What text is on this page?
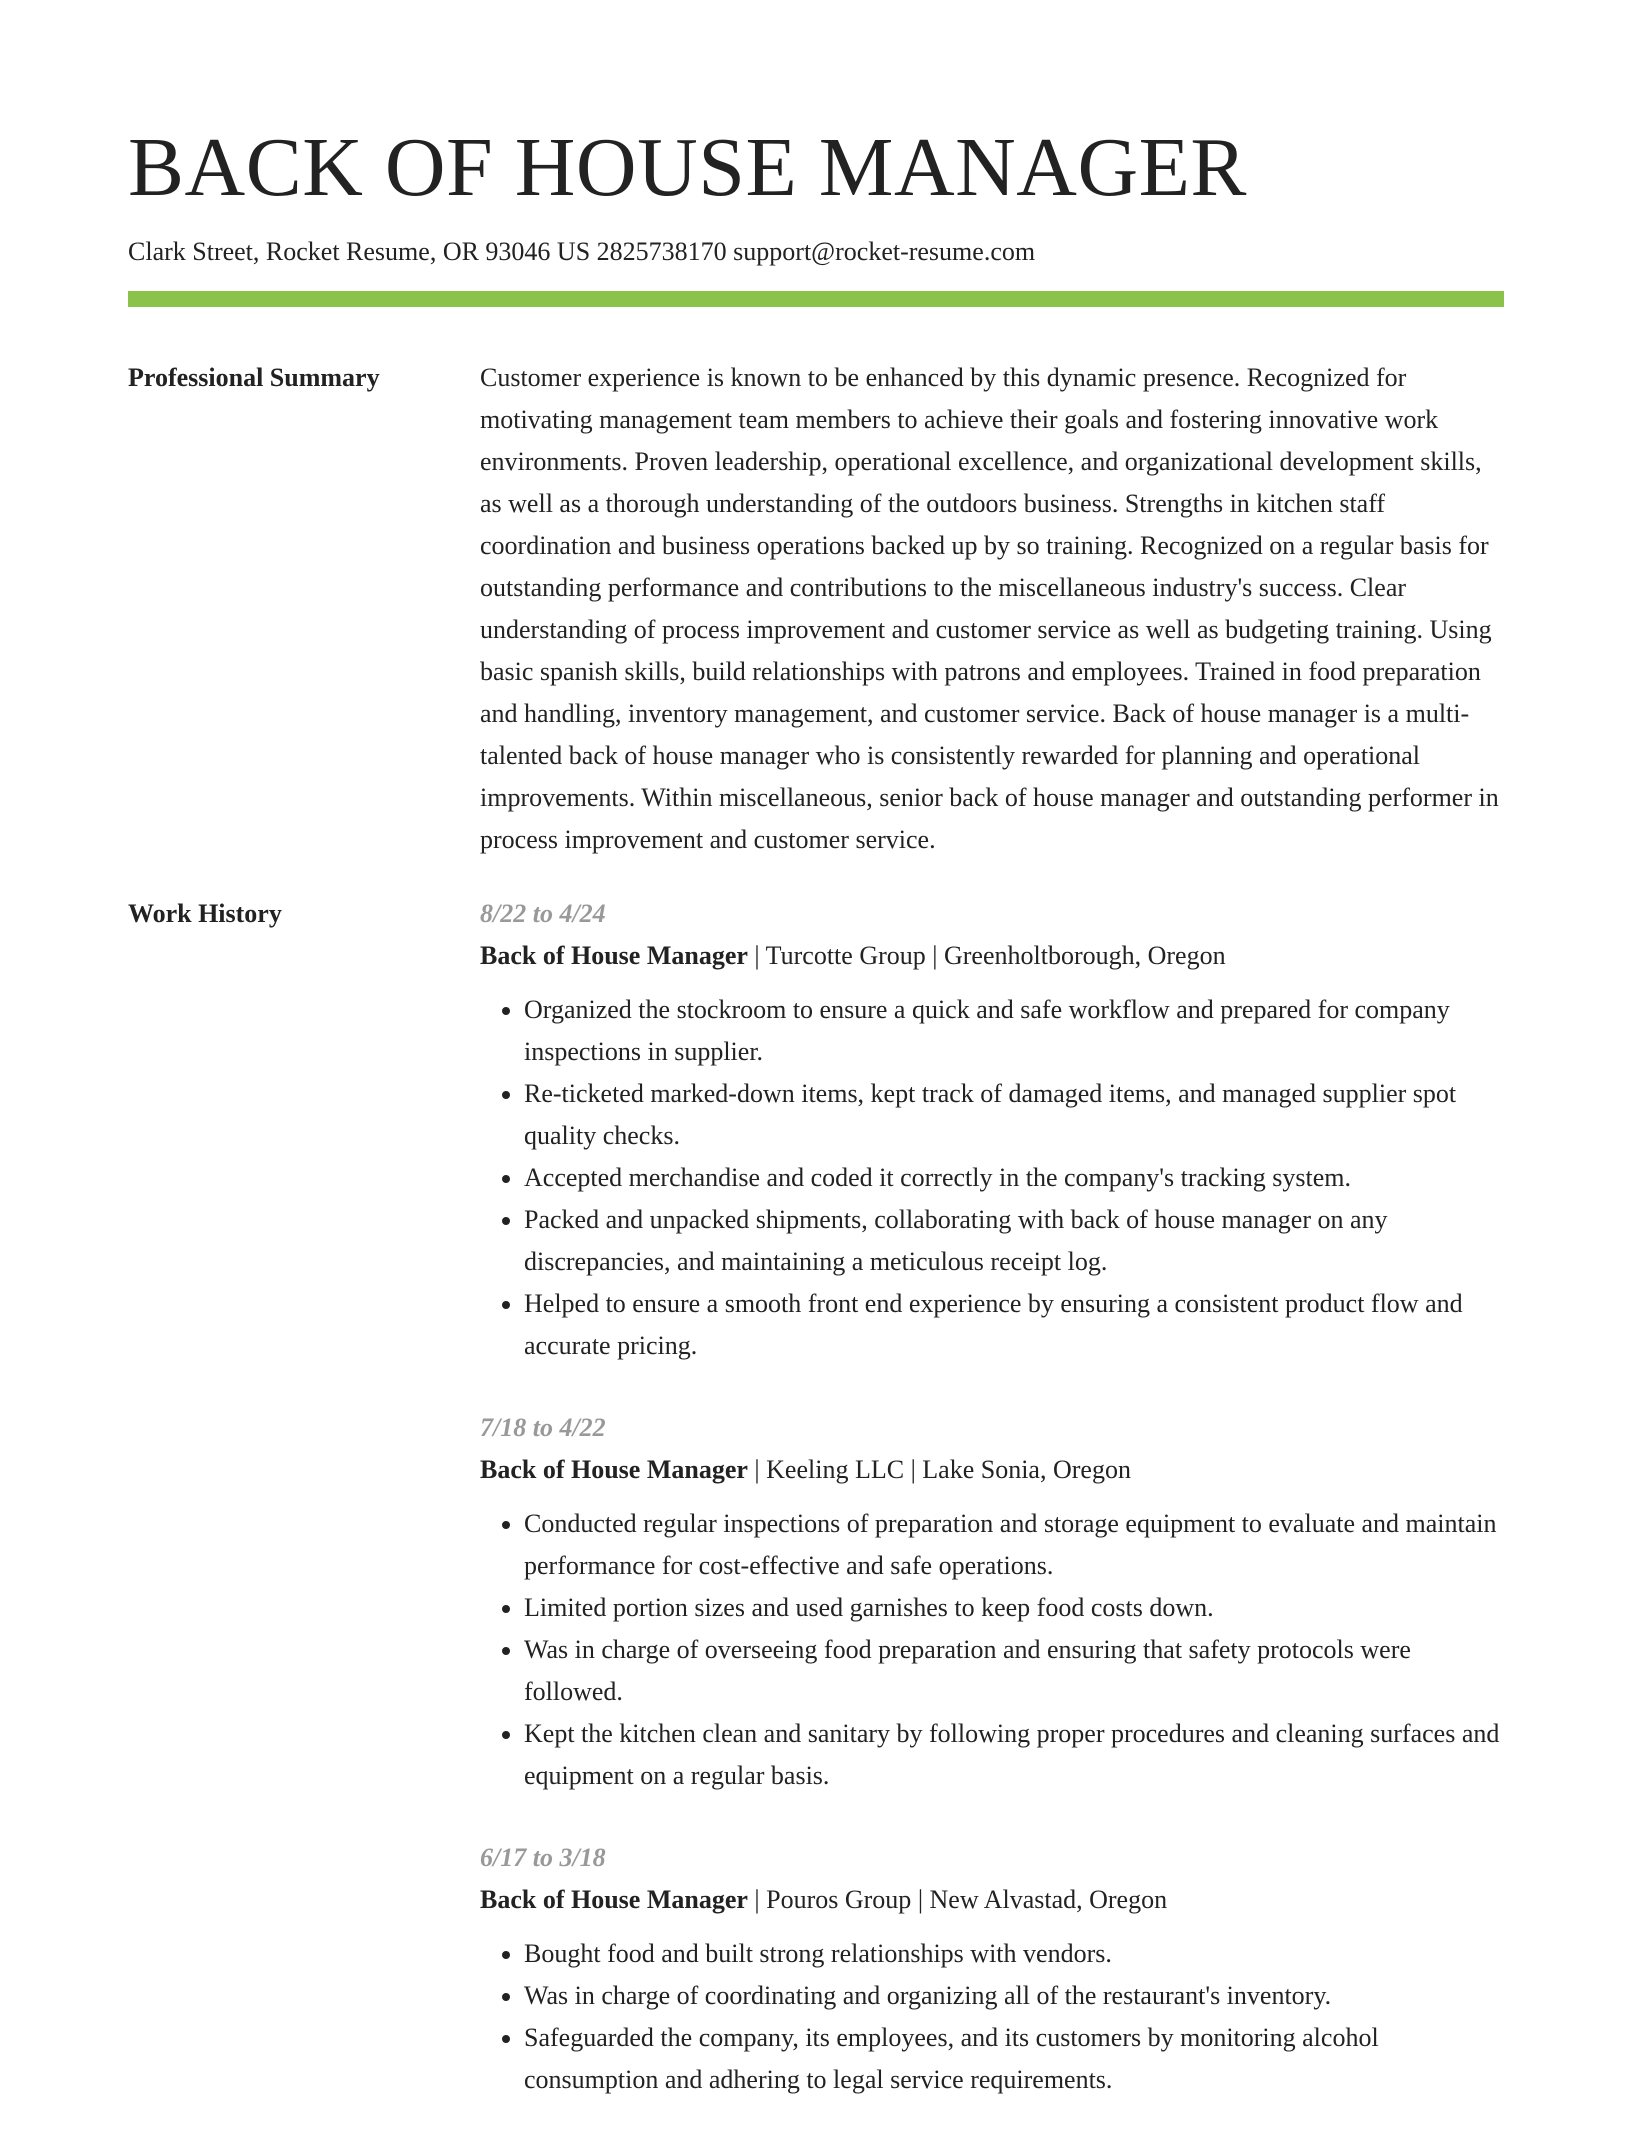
BACK OF HOUSE MANAGER
Clark Street, Rocket Resume, OR 93046 US 2825738170 support@rocket-resume.com
Professional Summary	Customer experience is known to be enhanced by this dynamic presence. Recognized for motivating management team members to achieve their goals and fostering innovative work environments. Proven leadership, operational excellence, and organizational development skills, as well as a thorough understanding of the outdoors business. Strengths in kitchen staff coordination and business operations backed up by so training. Recognized on a regular basis for outstanding performance and contributions to the miscellaneous industry's success. Clear understanding of process improvement and customer service as well as budgeting training. Using basic spanish skills, build relationships with patrons and employees. Trained in food preparation and handling, inventory management, and customer service. Back of house manager is a multi-talented back of house manager who is consistently rewarded for planning and operational improvements. Within miscellaneous, senior back of house manager and outstanding performer in process improvement and customer service.
Work History	8/22 to 4/24
Back of House Manager | Turcotte Group | Greenholtborough, Oregon
• Organized the stockroom to ensure a quick and safe workflow and prepared for company inspections in supplier.
• Re-ticketed marked-down items, kept track of damaged items, and managed supplier spot quality checks.
• Accepted merchandise and coded it correctly in the company's tracking system.
• Packed and unpacked shipments, collaborating with back of house manager on any discrepancies, and maintaining a meticulous receipt log.
• Helped to ensure a smooth front end experience by ensuring a consistent product flow and accurate pricing.
7/18 to 4/22
Back of House Manager | Keeling LLC | Lake Sonia, Oregon
• Conducted regular inspections of preparation and storage equipment to evaluate and maintain performance for cost-effective and safe operations.
• Limited portion sizes and used garnishes to keep food costs down.
• Was in charge of overseeing food preparation and ensuring that safety protocols were followed.
• Kept the kitchen clean and sanitary by following proper procedures and cleaning surfaces and equipment on a regular basis.
6/17 to 3/18
Back of House Manager | Pouros Group | New Alvastad, Oregon
• Bought food and built strong relationships with vendors.
• Was in charge of coordinating and organizing all of the restaurant's inventory.
• Safeguarded the company, its employees, and its customers by monitoring alcohol consumption and adhering to legal service requirements.
